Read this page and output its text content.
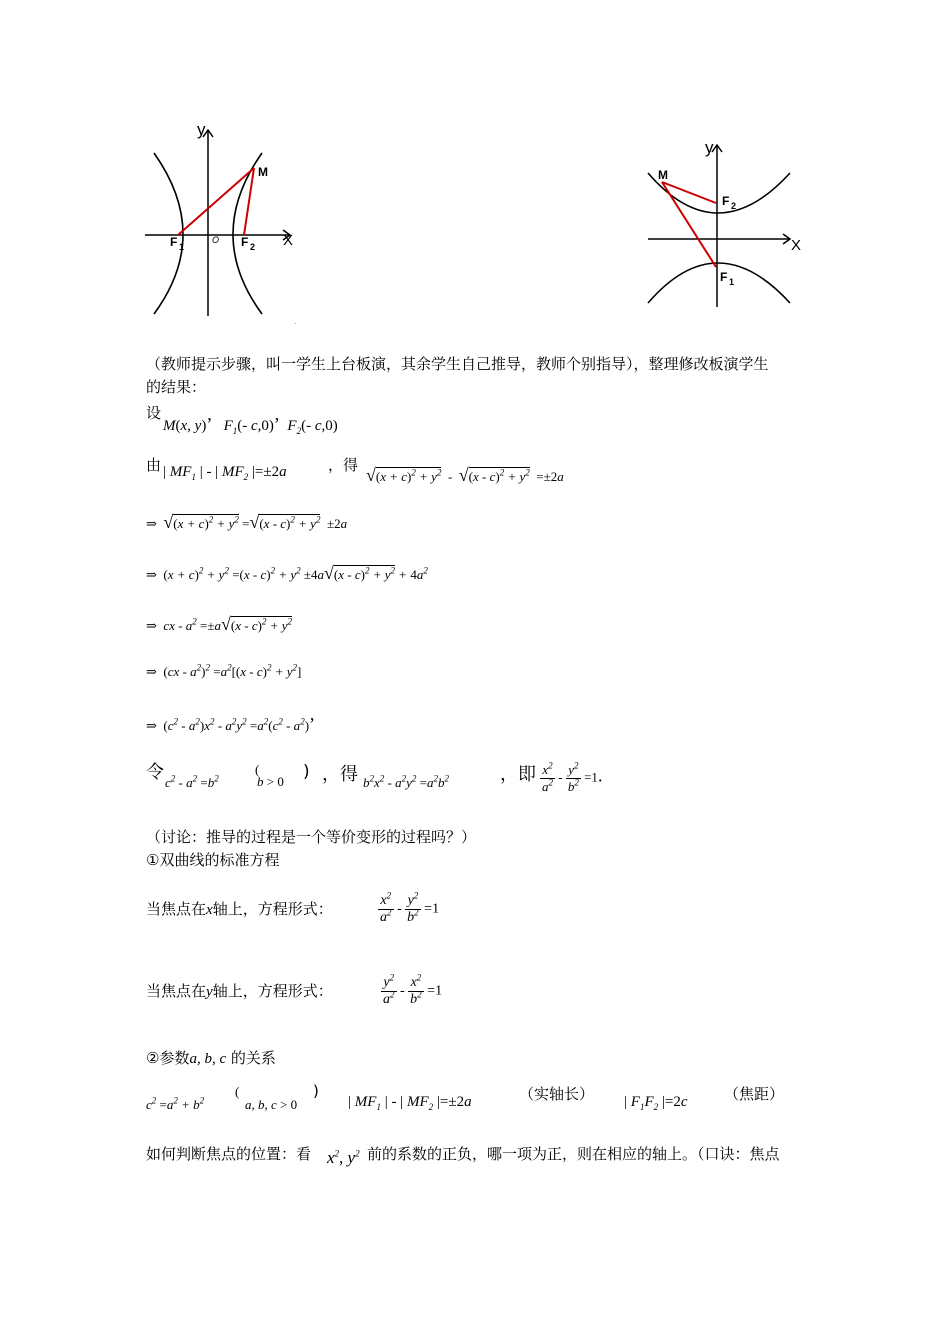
y
X
O
M
F 1	F 2
.
y
X
M
F 2
F 1
（教师提示步骤，叫一学生上台板演，其余学生自己推导，教师个别指导），整理修改板演学生
的结果：
设
M(x, y)’   $F_1(-$ c,0)’  $F_2(-$ c,0)
由 | $MF_1$ | - | $MF_2$ |=±2a	，得 $√(x + c)^2 + y^2 - √(x - c)^2 + y^2 =\pm 2a$
⇒ $√(x + c)^2 + y^2 =√(x - c)^2 + y^2 \pm 2a$
⇒ $(x + c)^2 + y^2 =(x - c)^2 + y^2 \pm 4a√(x - c)^2 + y^2 + 4a^2$
⇒  cx - $a^2 =\pm a√(x - c)^2 + y^2$
⇒ $(cx - a^2)^2 =a^2[(x - c)^2 + y^2]$
⇒ $(c^2 - a^2)x^2 - a^2y^2 =a^2(c^2 - a^2)$’
令 $c^2 - a^2 =b^2$
(
b > 0 ) ，得 $b^2x^2 - a^2y^2 =a^2b^2$	，即 $\frac{x^2}{a^2} - \frac{y^2}{b^2} =1$.
（讨论：推导的过程是一个等价变形的过程吗？）
①双曲线的标准方程
当焦点在x轴上，方程形式：	$\frac{x^2}{a^2} - \frac{y^2}{b^2} =1$
当焦点在y轴上，方程形式：	$\frac{y^2}{a^2} - \frac{x^2}{b^2} =1$
②参数a, b, c 的关系
$c^2 =a^2 + b^2$
(
a, b, c > 0
)
| $MF_1$ | - | $MF_2$ |=±2a	（实轴长） | $F_1F_2$ |=2c （焦距）
如何判断焦点的位置：看 $x^2$, $y^2$ 前的系数的正负，哪一项为正，则在相应的轴上。（口诀：焦点
